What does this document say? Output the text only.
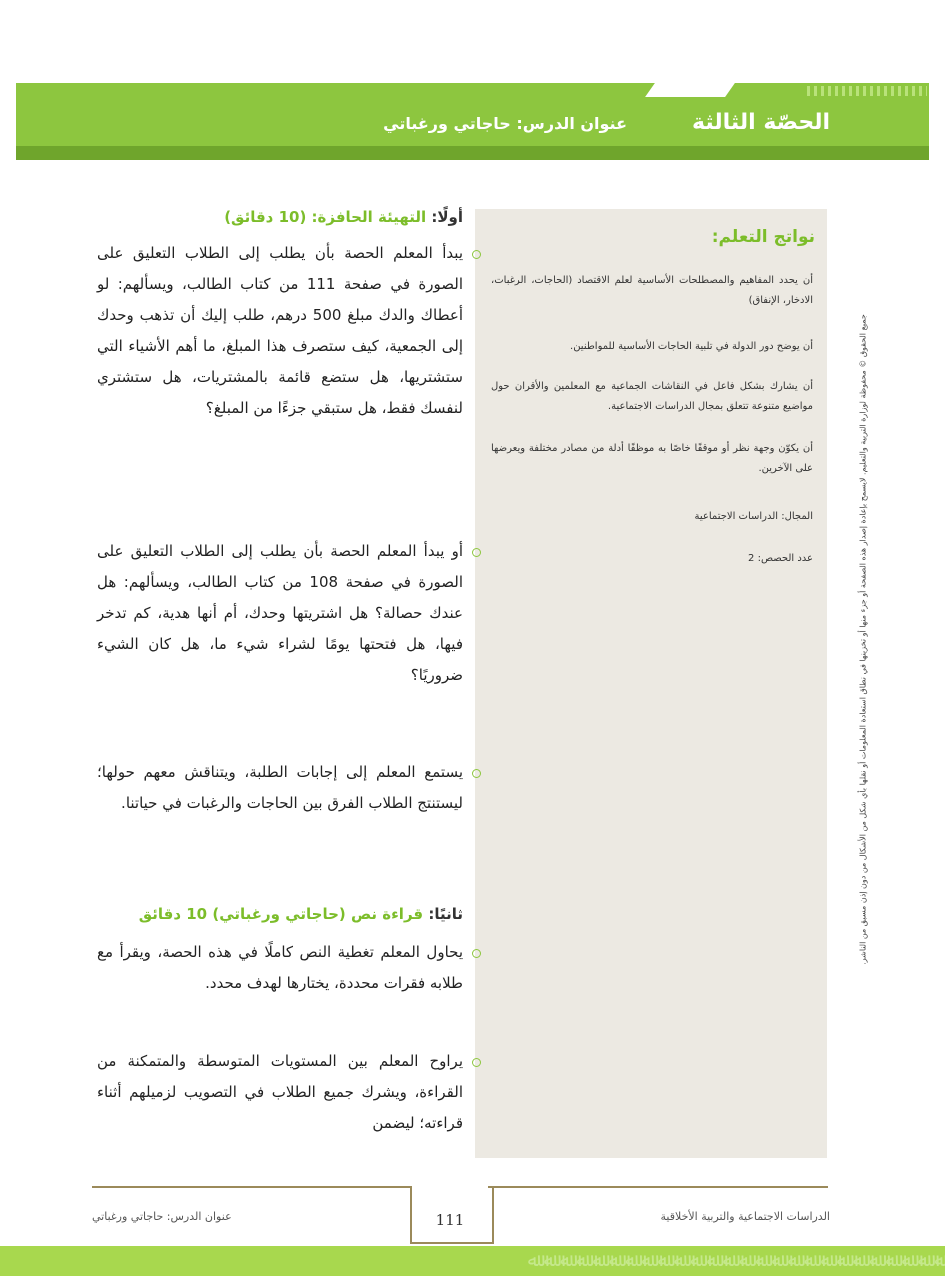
الحصّة الثالثة
عنوان الدرس: حاجاتي ورغباتي
نواتج التعلم:
أن يحدد المفاهيم والمصطلحات الأساسية لعلم الاقتصاد (الحاجات، الرغبات، الادخار، الإنفاق)
أن يوضح دور الدولة في تلبية الحاجات الأساسية للمواطنين.
أن يشارك بشكل فاعل في النقاشات الجماعية مع المعلمين والأقران حول مواضيع متنوعة تتعلق بمجال الدراسات الاجتماعية.
أن يكوّن وجهة نظر أو موقفًا خاصًا به موظفًا أدلة من مصادر مختلفة ويعرضها على الآخرين.
المجال: الدراسات الاجتماعية
عدد الحصص: 2
أولًا: التهيئة الحافزة: (10 دقائق)
يبدأ المعلم الحصة بأن يطلب إلى الطلاب التعليق على الصورة في صفحة 111 من كتاب الطالب، ويسألهم: لو أعطاك والدك مبلغ 500 درهم، طلب إليك أن تذهب وحدك إلى الجمعية، كيف ستصرف هذا المبلغ، ما أهم الأشياء التي ستشتريها، هل ستضع قائمة بالمشتريات، هل ستشتري لنفسك فقط، هل ستبقي جزءًا من المبلغ؟
أو يبدأ المعلم الحصة بأن يطلب إلى الطلاب التعليق على الصورة في صفحة 108 من كتاب الطالب، ويسألهم: هل عندك حصالة؟ هل اشتريتها وحدك، أم أنها هدية، كم تدخر فيها، هل فتحتها يومًا لشراء شيء ما، هل كان الشيء ضروريًا؟
يستمع المعلم إلى إجابات الطلبة، ويتناقش معهم حولها؛ ليستنتج الطلاب الفرق بين الحاجات والرغبات في حياتنا.
ثانيًا: قراءة نص (حاجاتي ورغباتي) 10 دقائق
يحاول المعلم تغطية النص كاملًا في هذه الحصة، ويقرأ مع طلابه فقرات محددة، يختارها لهدف محدد.
يراوح المعلم بين المستويات المتوسطة والمتمكنة من القراءة، ويشرك جميع الطلاب في التصويب لزميلهم أثناء قراءته؛ ليضمن
جميع الحقوق © محفوظة لوزارة التربية والتعليم. لايسمح بإعادة إصدار هذه الصفحة أو جزء منها أو تخزينها في نطاق استعادة المعلومات أو نقلها بأي شكل من الأشكال من دون إذن مسبق من الناشر.
111	الدراسات الاجتماعية والتربية الأخلاقية
عنوان الدرس: حاجاتي ورغباتي
ﷲ ﷲ ﷲ ﷲ ﷲ ﷲ ﷲ ﷲ ﷲ ﷲ ﷲ ﷲ ﷲ ﷲ ﷲ ﷲ ﷲ ﷲ ﷲ ﷲ ﷲ ﷲ ﷲ ﷲ ﷲ ﷲ
